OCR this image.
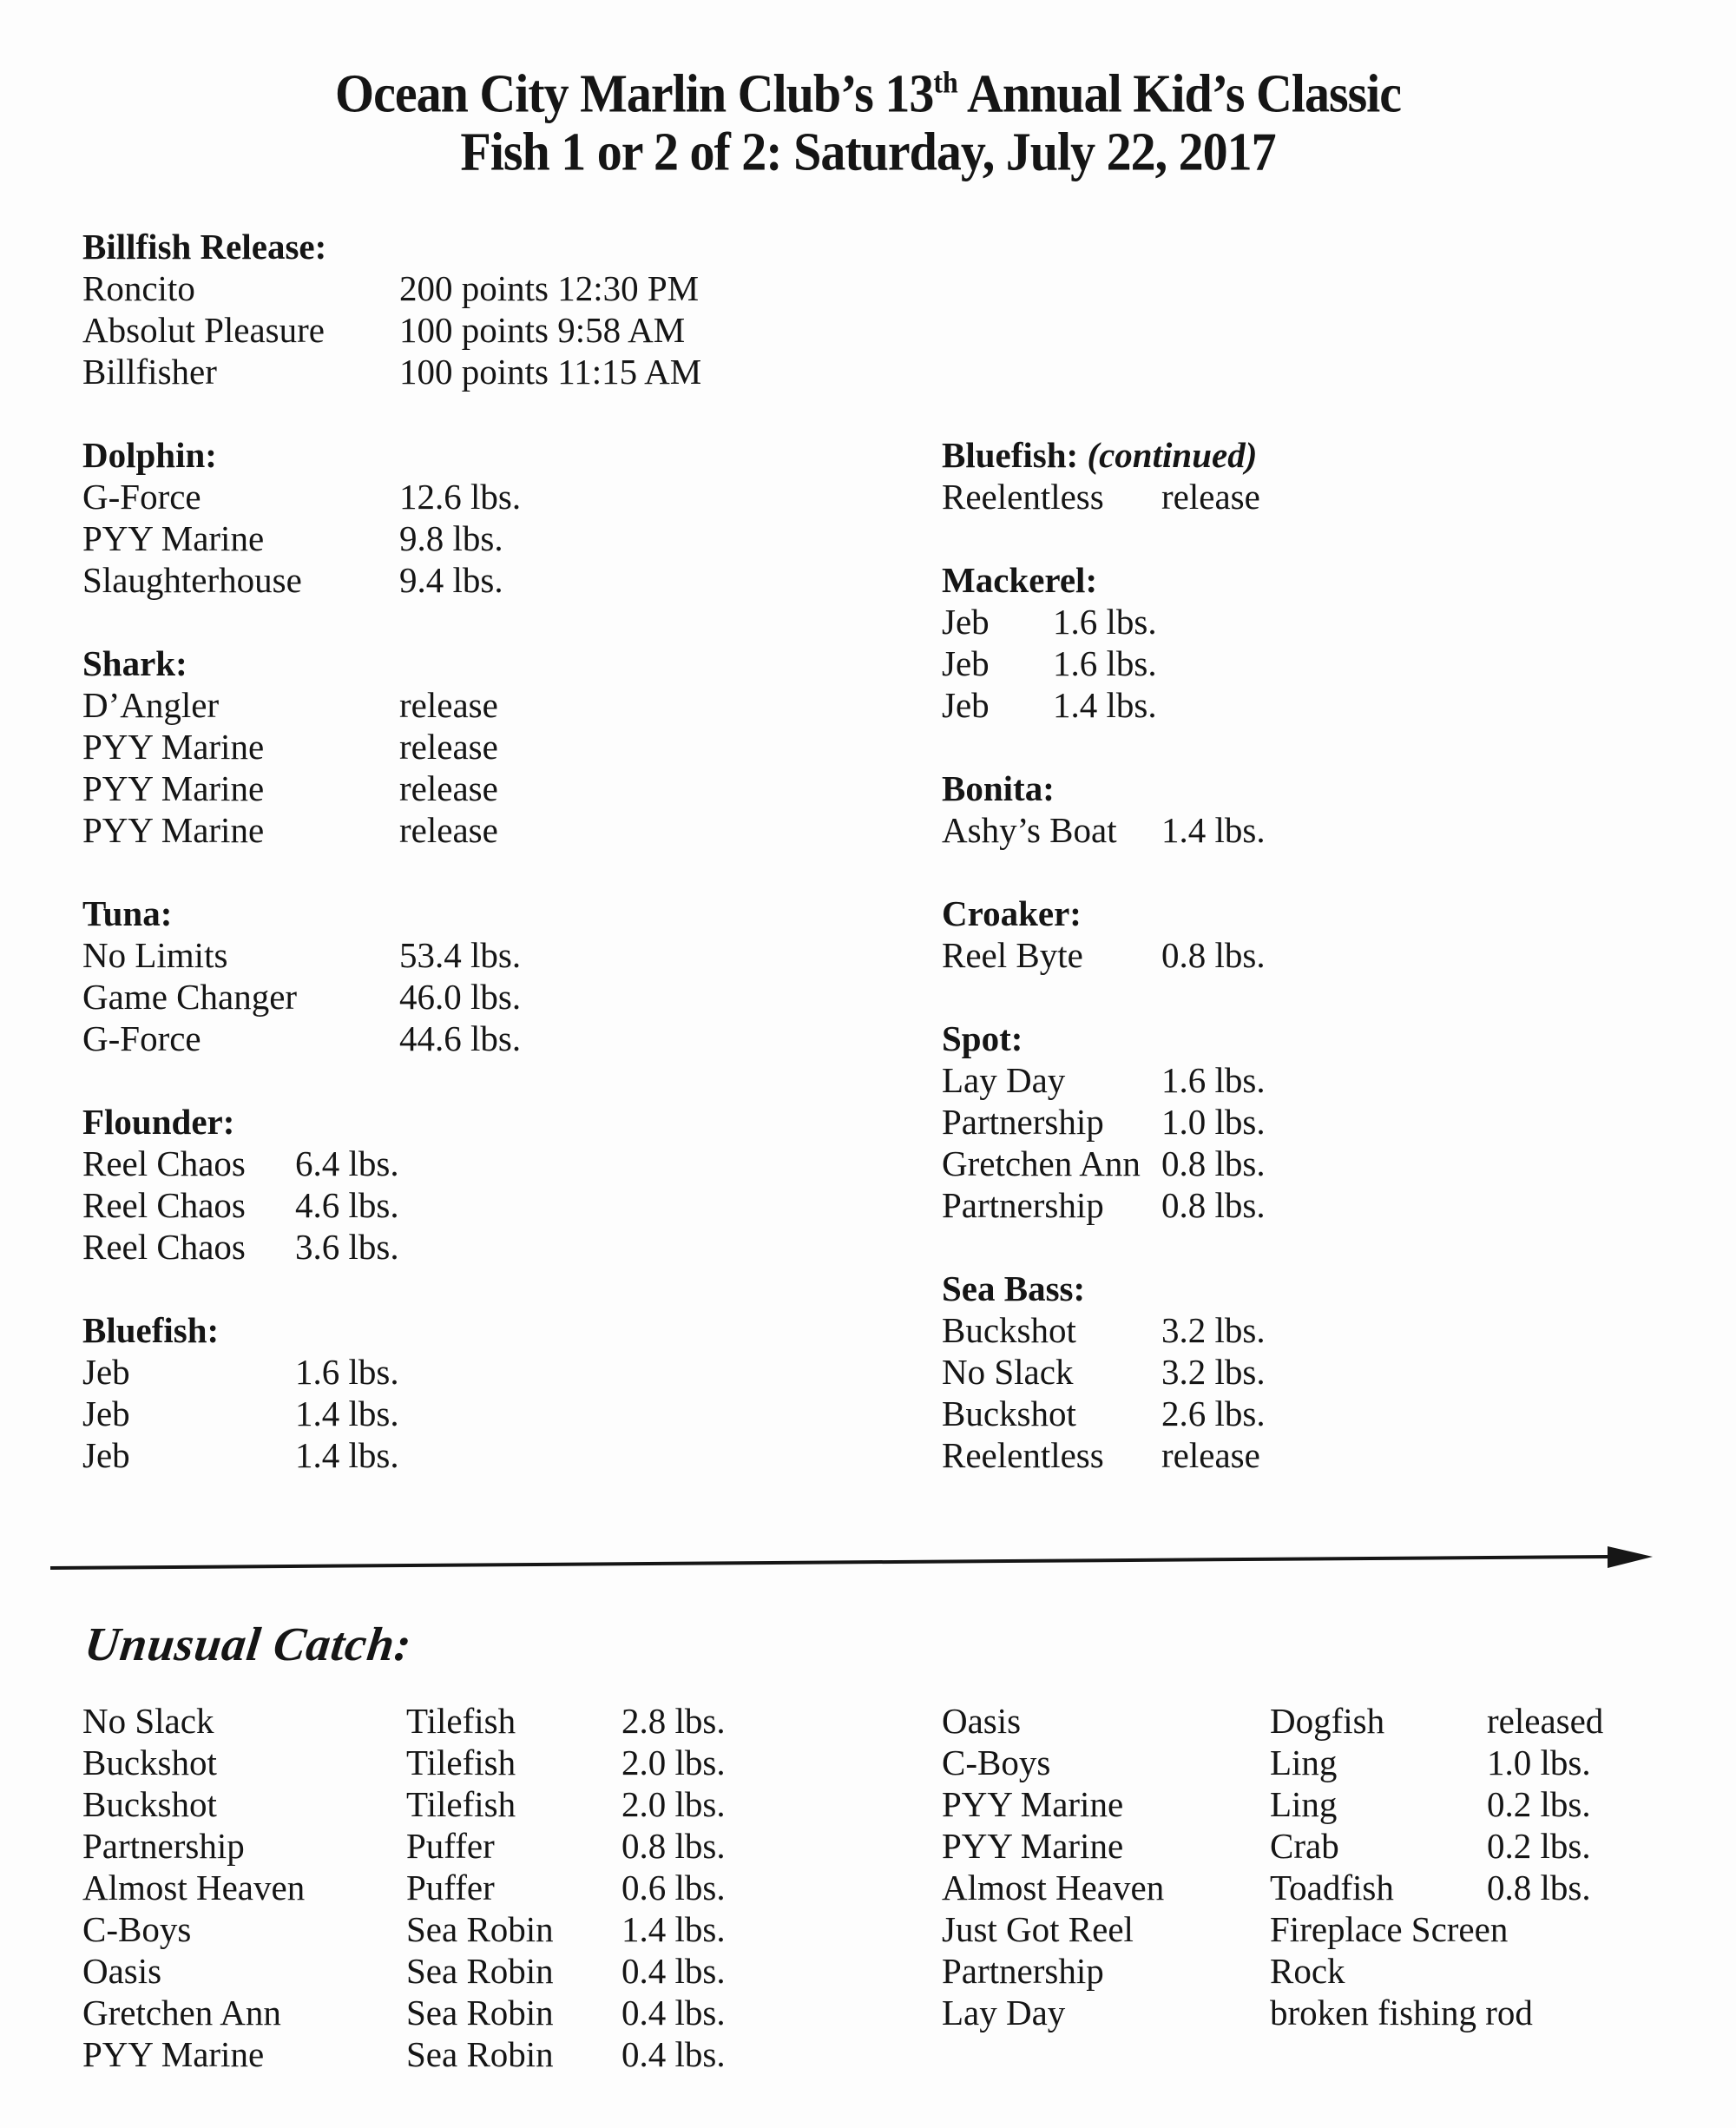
Ocean City Marlin Club’s 13th Annual Kid’s Classic
Fish 1 or 2 of 2: Saturday, July 22, 2017
Billfish Release:
Roncito	200 points 12:30 PM
Absolut Pleasure	100 points 9:58 AM
Billfisher	100 points 11:15 AM
Dolphin:
G-Force	12.6 lbs.
PYY Marine	9.8 lbs.
Slaughterhouse	9.4 lbs.
Shark:
D’Angler	release
PYY Marine	release
PYY Marine	release
PYY Marine	release
Tuna:
No Limits	53.4 lbs.
Game Changer	46.0 lbs.
G-Force	44.6 lbs.
Flounder:
Reel Chaos	6.4 lbs.
Reel Chaos	4.6 lbs.
Reel Chaos	3.6 lbs.
Bluefish:
Jeb	1.6 lbs.
Jeb	1.4 lbs.
Jeb	1.4 lbs.
Bluefish: (continued)
Reelentless	release
Mackerel:
Jeb	1.6 lbs.
Jeb	1.6 lbs.
Jeb	1.4 lbs.
Bonita:
Ashy’s Boat	1.4 lbs.
Croaker:
Reel Byte	0.8 lbs.
Spot:
Lay Day	1.6 lbs.
Partnership	1.0 lbs.
Gretchen Ann 0.8 lbs.
Partnership	0.8 lbs.
Sea Bass:
Buckshot	3.2 lbs.
No Slack	3.2 lbs.
Buckshot	2.6 lbs.
Reelentless	release
Unusual Catch:
No Slack	Tilefish	2.8 lbs.
Buckshot	Tilefish	2.0 lbs.
Buckshot	Tilefish	2.0 lbs.
Partnership	Puffer	0.8 lbs.
Almost Heaven	Puffer	0.6 lbs.
C-Boys	Sea Robin	1.4 lbs.
Oasis	Sea Robin	0.4 lbs.
Gretchen Ann	Sea Robin	0.4 lbs.
PYY Marine	Sea Robin	0.4 lbs.
Oasis	Dogfish	released
C-Boys	Ling	1.0 lbs.
PYY Marine	Ling	0.2 lbs.
PYY Marine	Crab	0.2 lbs.
Almost Heaven	Toadfish	0.8 lbs.
Just Got Reel	Fireplace Screen
Partnership	Rock
Lay Day	broken fishing rod
